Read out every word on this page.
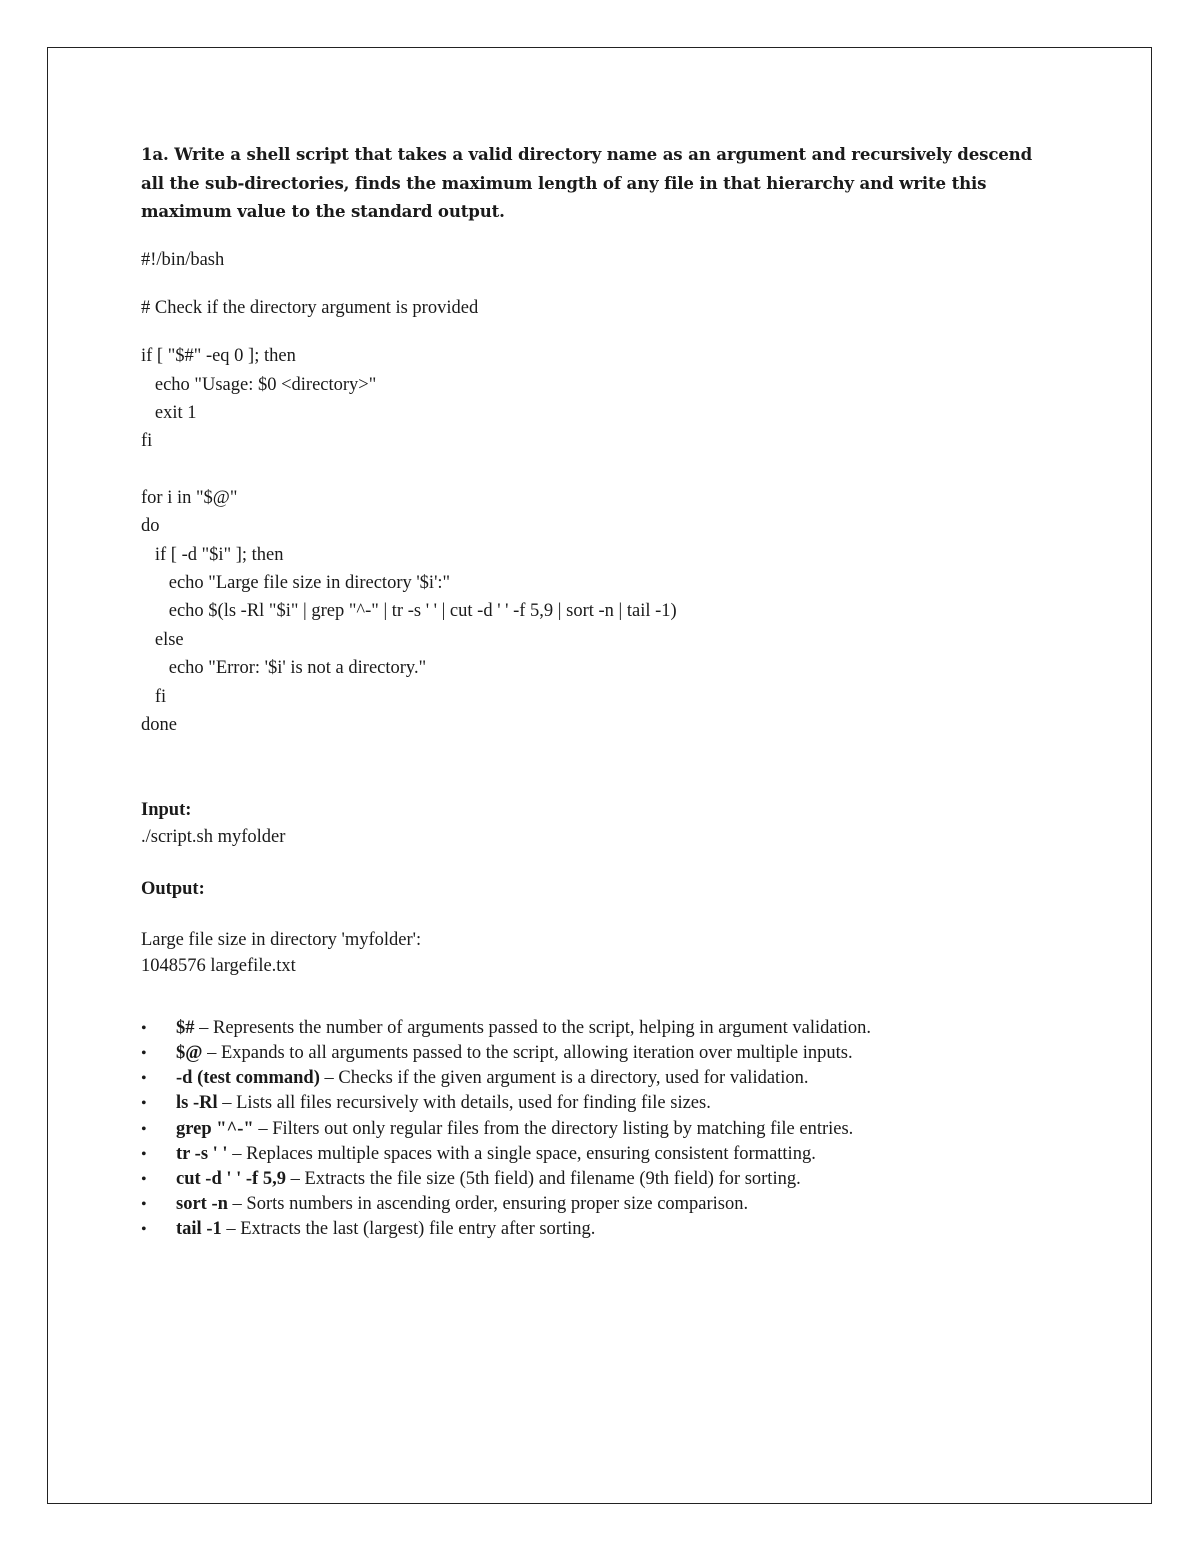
1a. Write a shell script that takes a valid directory name as an argument and recursively descend
all the sub-directories, finds the maximum length of any file in that hierarchy and write this
maximum value to the standard output.

#!/bin/bash
# Check if the directory argument is provided
if [ "$#" -eq 0 ]; then
echo "Usage: $0 <directory>"
exit 1
fi
for i in "$@"
do
if [ -d "$i" ]; then
echo "Large file size in directory '$i':"
echo $(ls -Rl "$i" | grep "^-" | tr -s ' ' | cut -d ' ' -f 5,9 | sort -n | tail -1)
else
echo "Error: '$i' is not a directory."
fi
done

Input:

./script.sh myfolder

Output:

Large file size in directory 'myfolder':

1048576 largefile.txt

• $# – Represents the number of arguments passed to the script, helping in argument validation.
• $@ – Expands to all arguments passed to the script, allowing iteration over multiple inputs.
• -d (test command) – Checks if the given argument is a directory, used for validation.
• ls -Rl – Lists all files recursively with details, used for finding file sizes.
• grep "^-" – Filters out only regular files from the directory listing by matching file entries.
• tr -s ' ' – Replaces multiple spaces with a single space, ensuring consistent formatting.
• cut -d ' ' -f 5,9 – Extracts the file size (5th field) and filename (9th field) for sorting.
• sort -n – Sorts numbers in ascending order, ensuring proper size comparison.
• tail -1 – Extracts the last (largest) file entry after sorting.
